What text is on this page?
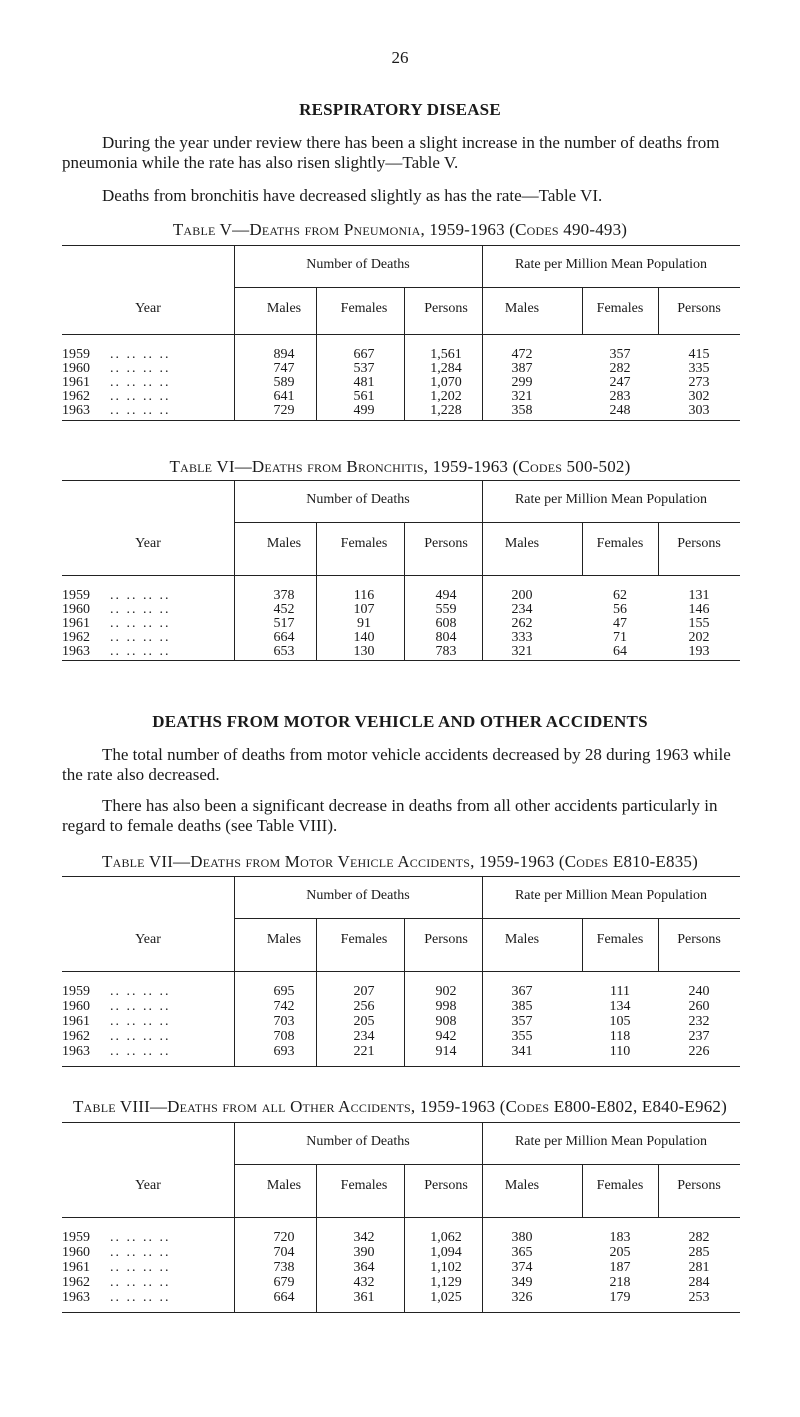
26
RESPIRATORY DISEASE
During the year under review there has been a slight increase in the number of deaths from pneumonia while the rate has also risen slightly—Table V.
Deaths from bronchitis have decreased slightly as has the rate—Table VI.
Table V—Deaths from Pneumonia, 1959-1963 (Codes 490-493)
Year
Number of Deaths	Rate per Million Mean Population
Males	Females	Persons	Males	Females	Persons
1959 .. .. .. ..	894	667	1,561	472	357	415
1960 .. .. .. ..	747	537	1,284	387	282	335
1961 .. .. .. ..	589	481	1,070	299	247	273
1962 .. .. .. ..	641	561	1,202	321	283	302
1963 .. .. .. ..	729	499	1,228	358	248	303
Table VI—Deaths from Bronchitis, 1959-1963 (Codes 500-502)
Year
Number of Deaths	Rate per Million Mean Population
Males	Females	Persons	Males	Females	Persons
1959 .. .. .. ..	378	116	494	200	62	131
1960 .. .. .. ..	452	107	559	234	56	146
1961 .. .. .. ..	517	91	608	262	47	155
1962 .. .. .. ..	664	140	804	333	71	202
1963 .. .. .. ..	653	130	783	321	64	193
DEATHS FROM MOTOR VEHICLE AND OTHER ACCIDENTS
The total number of deaths from motor vehicle accidents decreased by 28 during 1963 while the rate also decreased.
There has also been a significant decrease in deaths from all other accidents particularly in regard to female deaths (see Table VIII).
Table VII—Deaths from Motor Vehicle Accidents, 1959-1963 (Codes E810-E835)
Year
Number of Deaths	Rate per Million Mean Population
Males	Females	Persons	Males	Females	Persons
1959 .. .. .. ..	695	207	902	367	111	240
1960 .. .. .. ..	742	256	998	385	134	260
1961 .. .. .. ..	703	205	908	357	105	232
1962 .. .. .. ..	708	234	942	355	118	237
1963 .. .. .. ..	693	221	914	341	110	226
Table VIII—Deaths from all Other Accidents, 1959-1963 (Codes E800-E802, E840-E962)
Year
Number of Deaths	Rate per Million Mean Population
Males	Females	Persons	Males	Females	Persons
1959 .. .. .. ..	720	342	1,062	380	183	282
1960 .. .. .. ..	704	390	1,094	365	205	285
1961 .. .. .. ..	738	364	1,102	374	187	281
1962 .. .. .. ..	679	432	1,129	349	218	284
1963 .. .. .. ..	664	361	1,025	326	179	253
